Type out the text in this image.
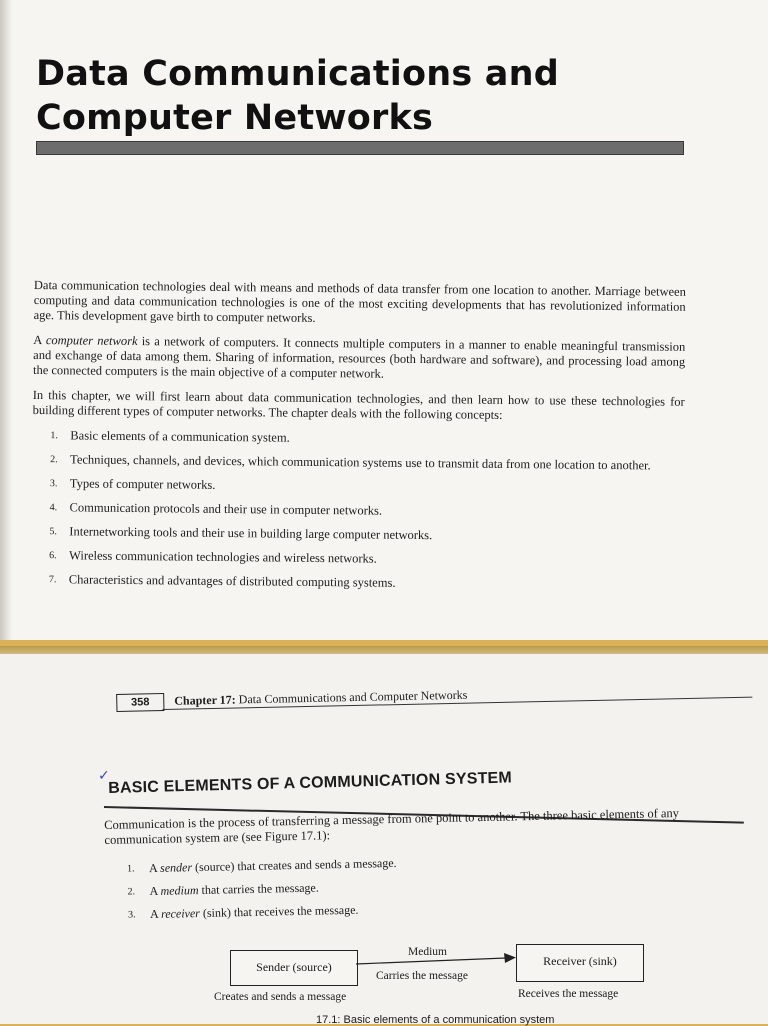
Data Communications and
Computer Networks

Data communication technologies deal with means and methods of data transfer from one location to another. Marriage between computing and data communication technologies is one of the most exciting developments that has revolutionized information age. This development gave birth to computer networks.

A computer network is a network of computers. It connects multiple computers in a manner to enable meaningful transmission and exchange of data among them. Sharing of information, resources (both hardware and software), and processing load among the connected computers is the main objective of a computer network.

In this chapter, we will first learn about data communication technologies, and then learn how to use these technologies for building different types of computer networks. The chapter deals with the following concepts:

1. Basic elements of a communication system.
2. Techniques, channels, and devices, which communication systems use to transmit data from one location to another.
3. Types of computer networks.
4. Communication protocols and their use in computer networks.
5. Internetworking tools and their use in building large computer networks.
6. Wireless communication technologies and wireless networks.
7. Characteristics and advantages of distributed computing systems.
358	Chapter 17: Data Communications and Computer Networks
✓
BASIC ELEMENTS OF A COMMUNICATION SYSTEM

Communication is the process of transferring a message from one point to another. The three basic elements of any communication system are (see Figure 17.1):

1. A sender (source) that creates and sends a message.
2. A medium that carries the message.
3. A receiver (sink) that receives the message.
Sender (source)	Receiver (sink)
Medium
Carries the message
Creates and sends a message	Receives the message
17.1: Basic elements of a communication system
